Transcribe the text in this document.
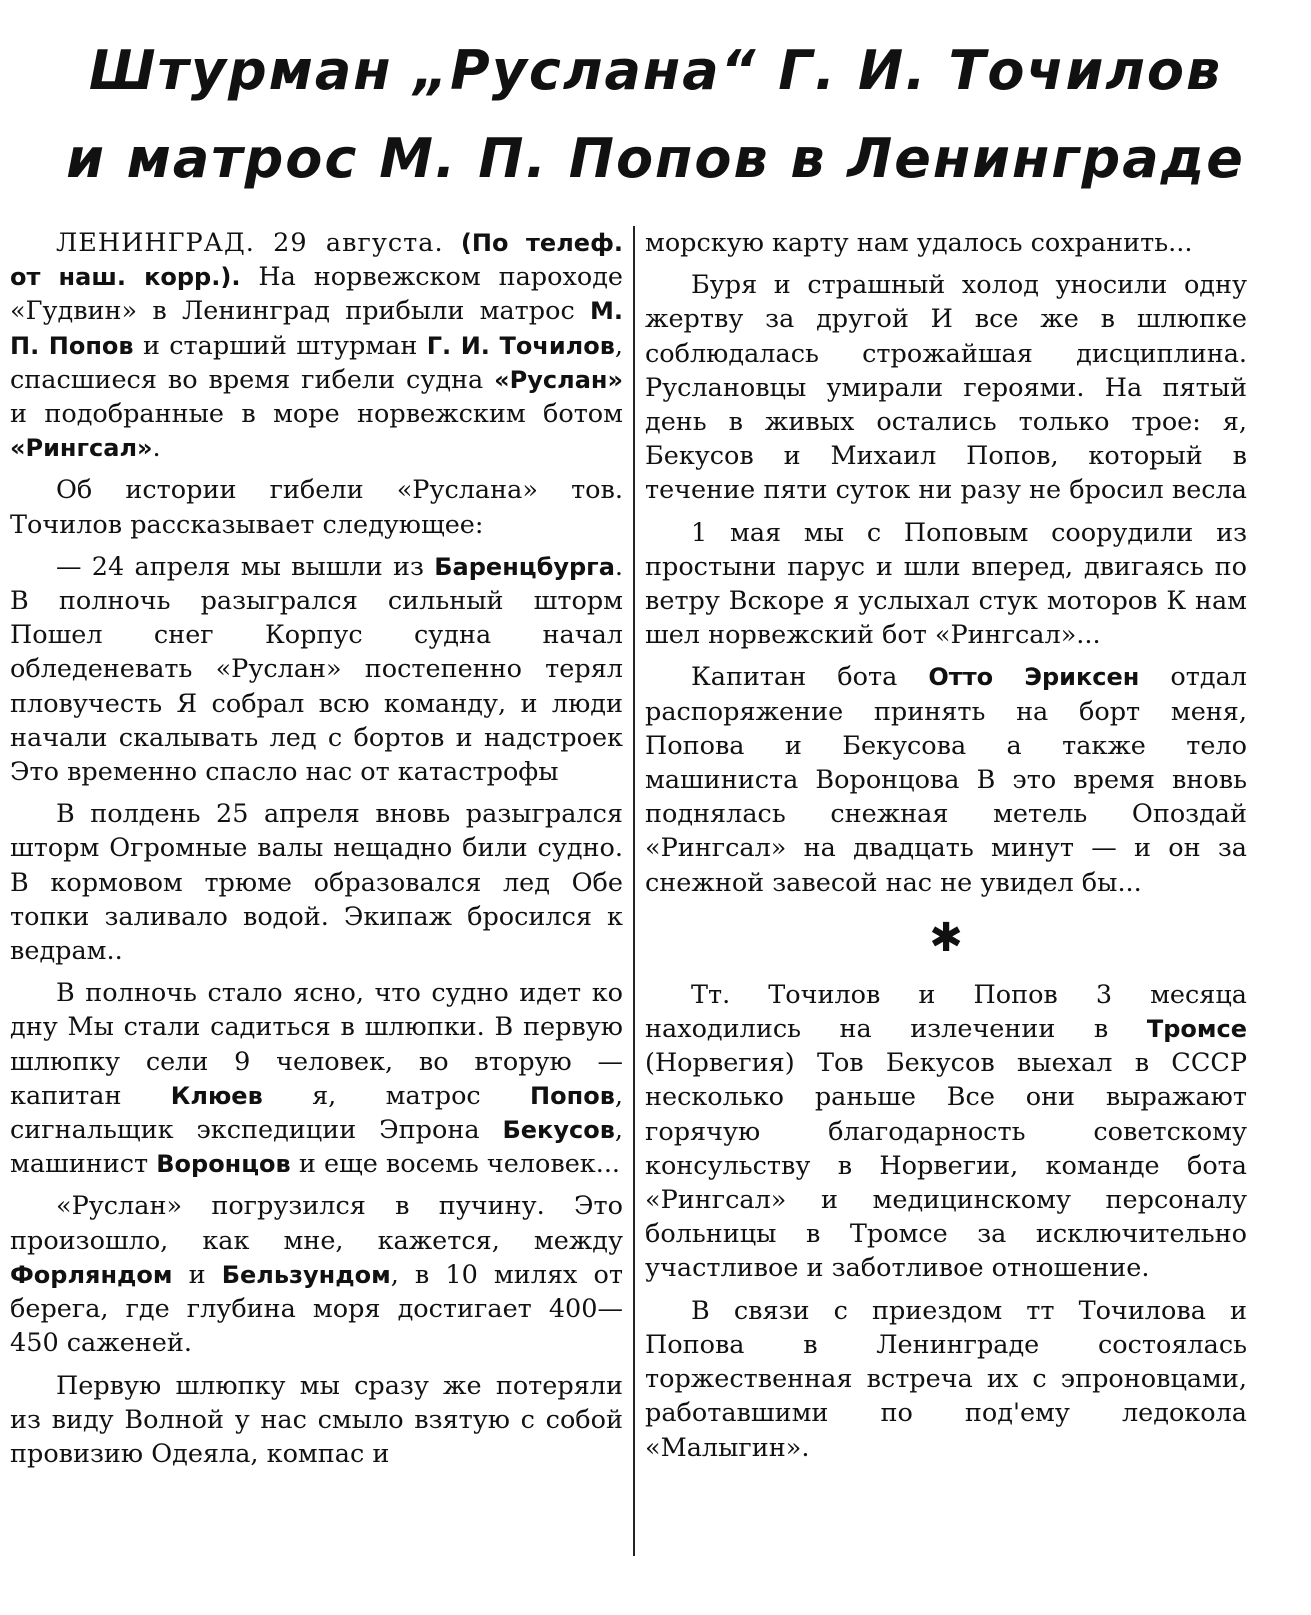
Штурман „Руслана“ Г. И. Точилов
и матрос М. П. Попов в Ленинграде

ЛЕНИНГРАД. 29 августа. (По телеф. от наш. корр.). На норвежском пароходе «Гудвин» в Ленинград прибыли матрос М. П. Попов и старший штурман Г. И. Точилов, спасшиеся во время гибели судна «Руслан» и подобранные в море норвежским ботом «Рингсал».

Об истории гибели «Руслана» тов. Точилов рассказывает следующее:

— 24 апреля мы вышли из Баренцбурга. В полночь разыгрался сильный шторм Пошел снег Корпус судна начал обледеневать «Руслан» постепенно терял пловучесть Я собрал всю команду, и люди начали скалывать лед с бортов и надстроек Это временно спасло нас от катастрофы

В полдень 25 апреля вновь разыгрался шторм Огромные валы нещадно били судно. В кормовом трюме образовался лед Обе топки заливало водой. Экипаж бросился к ведрам..

В полночь стало ясно, что судно идет ко дну Мы стали садиться в шлюпки. В первую шлюпку сели 9 человек, во вторую — капитан Клюев я, матрос Попов, сигнальщик экспедиции Эпрона Бекусов, машинист Воронцов и еще восемь человек...

«Руслан» погрузился в пучину. Это произошло, как мне, кажется, между Форляндом и Бельзундом, в 10 милях от берега, где глубина моря достигает 400—450 саженей.

Первую шлюпку мы сразу же потеряли из виду Волной у нас смыло взятую с собой провизию Одеяла, компас и

морскую карту нам удалось сохранить...

Буря и страшный холод уносили одну жертву за другой И все же в шлюпке соблюдалась строжайшая дисциплина. Руслановцы умирали героями. На пятый день в живых остались только трое: я, Бекусов и Михаил Попов, который в течение пяти суток ни разу не бросил весла

1 мая мы с Поповым соорудили из простыни парус и шли вперед, двигаясь по ветру Вскоре я услыхал стук моторов К нам шел норвежский бот «Рингсал»...

Капитан бота Отто Эриксен отдал распоряжение принять на борт меня, Попова и Бекусова а также тело машиниста Воронцова В это время вновь поднялась снежная метель Опоздай «Рингсал» на двадцать минут — и он за снежной завесой нас не увидел бы...

✱

Тт. Точилов и Попов 3 месяца находились на излечении в Тромсе (Норвегия) Тов Бекусов выехал в СССР несколько раньше Все они выражают горячую благодарность советскому консульству в Норвегии, команде бота «Рингсал» и медицинскому персоналу больницы в Тромсе за исключительно участливое и заботливое отношение.

В связи с приездом тт Точилова и Попова в Ленинграде состоялась торжественная встреча их с эпроновцами, работавшими по под'ему ледокола «Малыгин».
